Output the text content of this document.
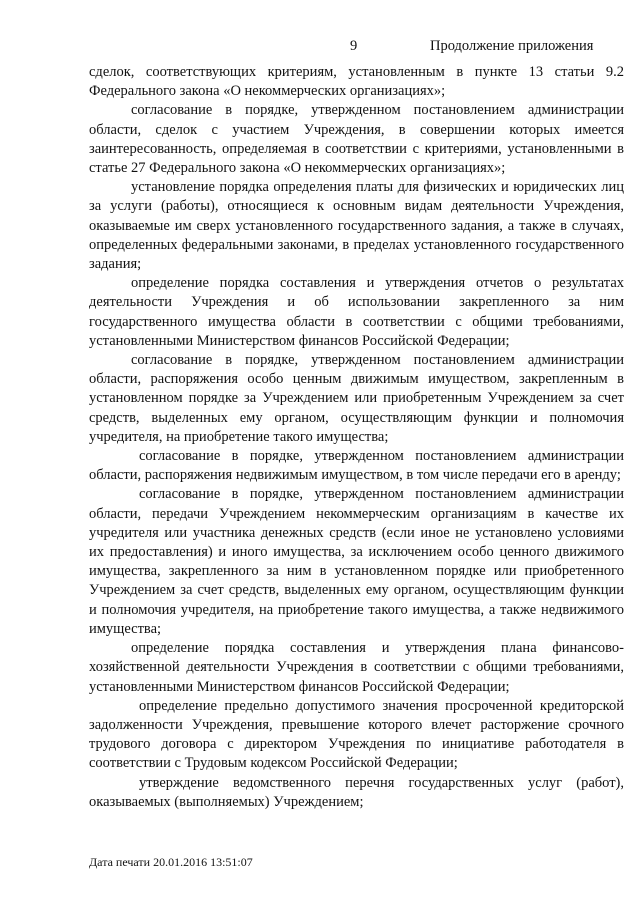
9	Продолжение приложения

сделок, соответствующих критериям, установленным в пункте 13 статьи 9.2 Федерального закона «О некоммерческих организациях»;

согласование в порядке, утвержденном постановлением администрации области, сделок с участием Учреждения, в совершении которых имеется заинтересованность, определяемая в соответствии с критериями, установленными в статье 27 Федерального закона «О некоммерческих организациях»;

установление порядка определения платы для физических и юридических лиц за услуги (работы), относящиеся к основным видам деятельности Учреждения, оказываемые им сверх установленного государственного задания, а также в случаях, определенных федеральными законами, в пределах установленного государственного задания;

определение порядка составления и утверждения отчетов о результатах деятельности Учреждения и об использовании закрепленного за ним государственного имущества области в соответствии с общими требованиями, установленными Министерством финансов Российской Федерации;

согласование в порядке, утвержденном постановлением администрации области, распоряжения особо ценным движимым имуществом, закрепленным в установленном порядке за Учреждением или приобретенным Учреждением за счет средств, выделенных ему органом, осуществляющим функции и полномочия учредителя, на приобретение такого имущества;

согласование в порядке, утвержденном постановлением администрации области, распоряжения недвижимым имуществом, в том числе передачи его в аренду;

согласование в порядке, утвержденном постановлением администрации области, передачи Учреждением некоммерческим организациям в качестве их учредителя или участника денежных средств (если иное не установлено условиями их предоставления) и иного имущества, за исключением особо ценного движимого имущества, закрепленного за ним в установленном порядке или приобретенного Учреждением за счет средств, выделенных ему органом, осуществляющим функции и полномочия учредителя, на приобретение такого имущества, а также недвижимого имущества;

определение порядка составления и утверждения плана финансово-хозяйственной деятельности Учреждения в соответствии с общими требованиями, установленными Министерством финансов Российской Федерации;

определение предельно допустимого значения просроченной кредиторской задолженности Учреждения, превышение которого влечет расторжение срочного трудового договора с директором Учреждения по инициативе работодателя в соответствии с Трудовым кодексом Российской Федерации;

утверждение ведомственного перечня государственных услуг (работ), оказываемых (выполняемых) Учреждением;

Дата печати 20.01.2016 13:51:07
